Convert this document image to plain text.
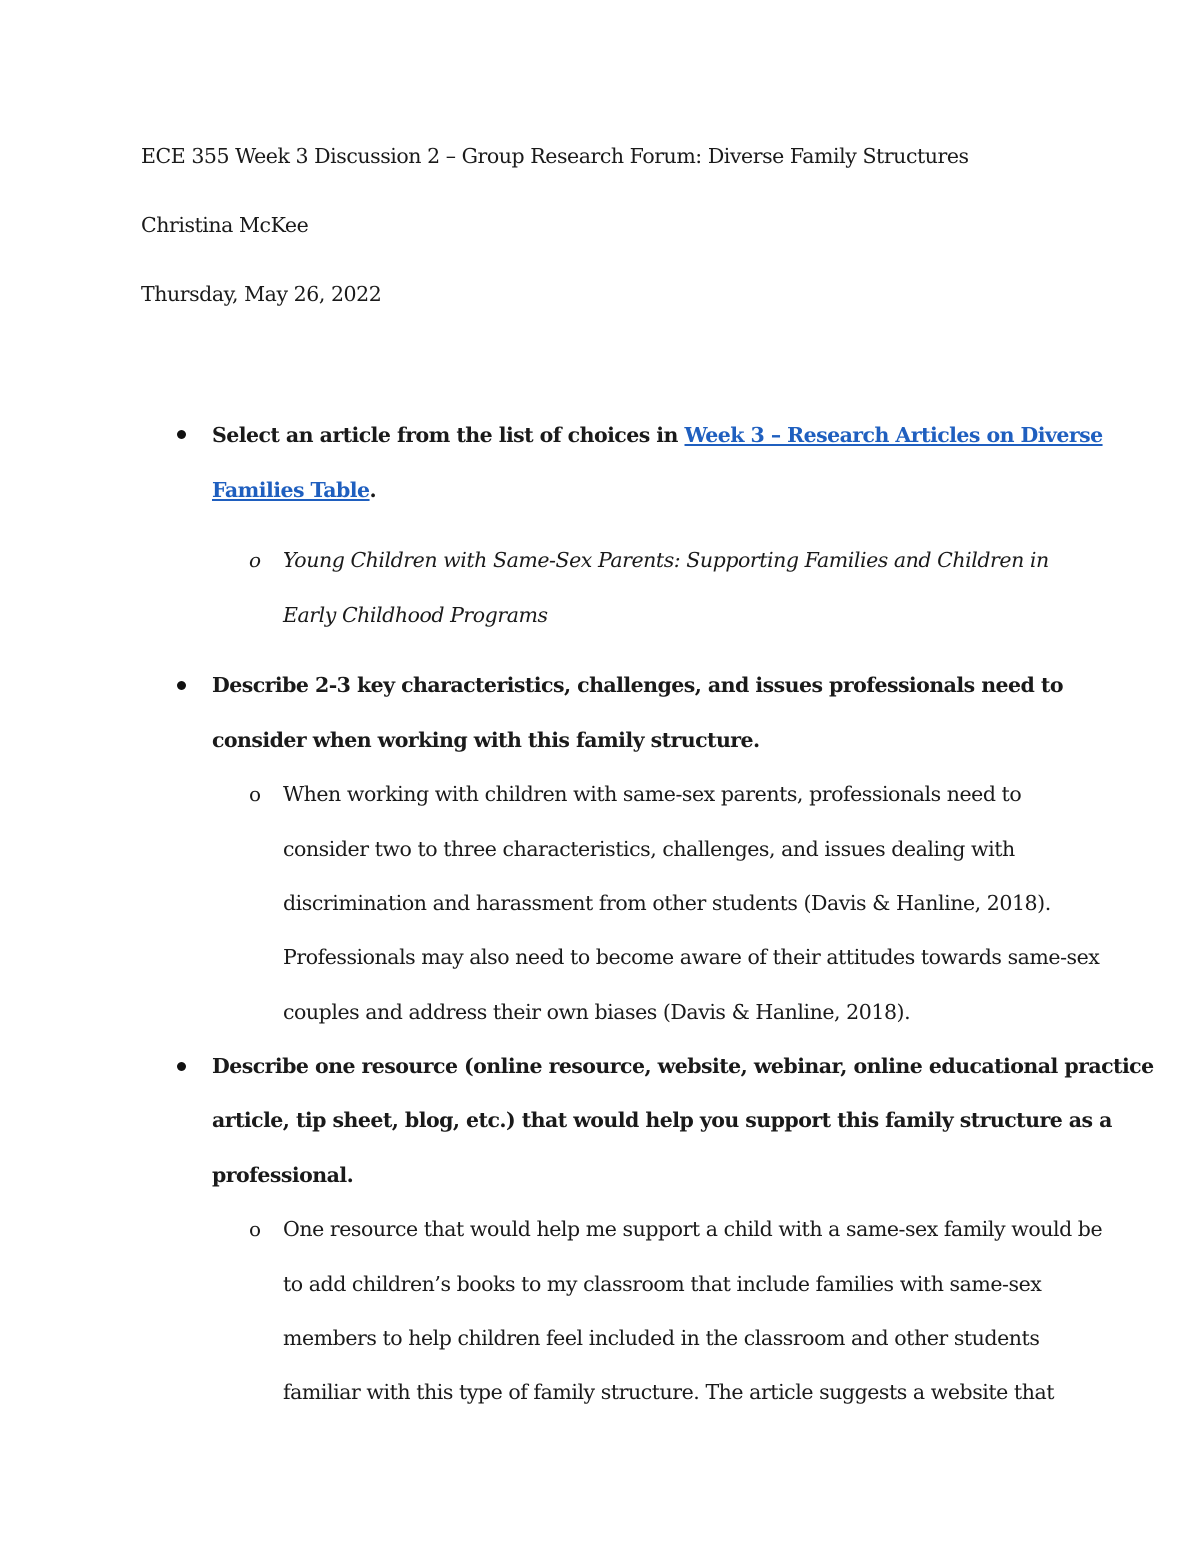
ECE 355 Week 3 Discussion 2 – Group Research Forum: Diverse Family Structures
Christina McKee
Thursday, May 26, 2022
Select an article from the list of choices in Week 3 – Research Articles on Diverse
Families Table.
o Young Children with Same-Sex Parents: Supporting Families and Children in
Early Childhood Programs
Describe 2-3 key characteristics, challenges, and issues professionals need to
consider when working with this family structure.
o When working with children with same-sex parents, professionals need to
consider two to three characteristics, challenges, and issues dealing with
discrimination and harassment from other students (Davis & Hanline, 2018).
Professionals may also need to become aware of their attitudes towards same-sex
couples and address their own biases (Davis & Hanline, 2018).
Describe one resource (online resource, website, webinar, online educational practice
article, tip sheet, blog, etc.) that would help you support this family structure as a
professional.
o One resource that would help me support a child with a same-sex family would be
to add children’s books to my classroom that include families with same-sex
members to help children feel included in the classroom and other students
familiar with this type of family structure. The article suggests a website that
